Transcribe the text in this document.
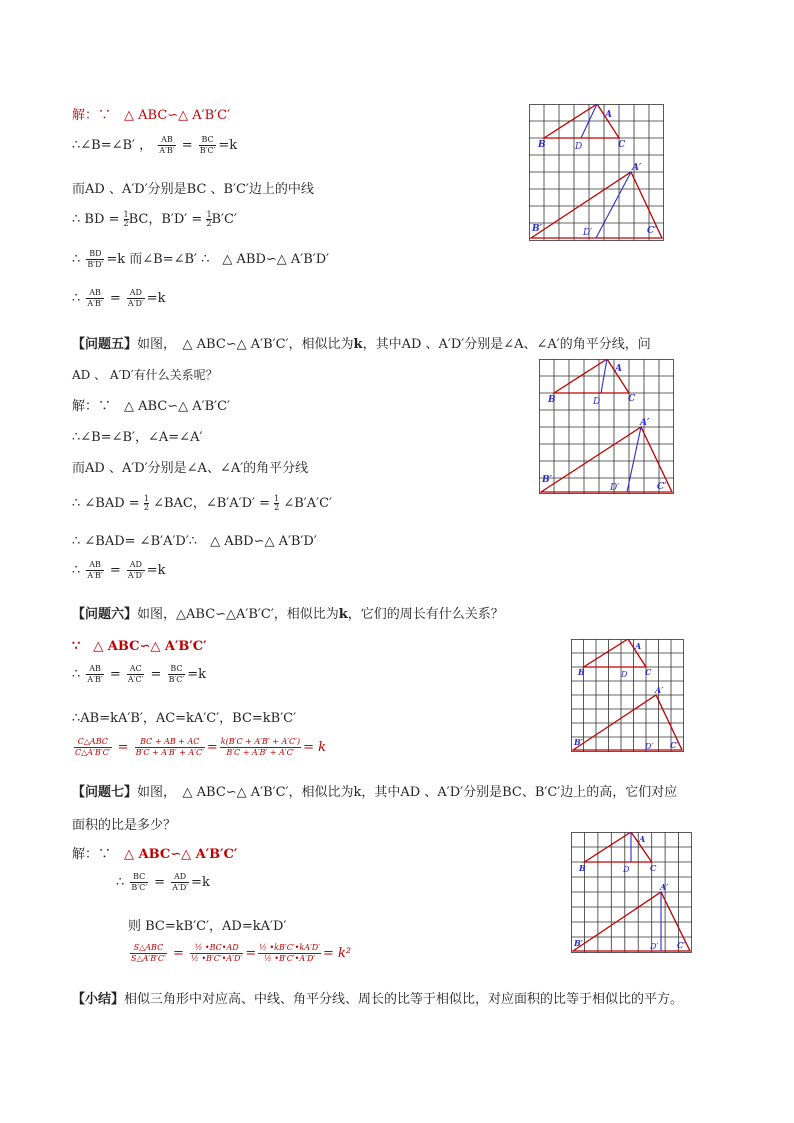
解：∵　△ ABC∽△ A′B′C′
∴∠B=∠B′ ， $\frac{AB}{A'B'} = \frac{BC}{B'C'} =k$
而AD 、A′D′分别是BC 、B′C′边上的中线
∴ BD = $\frac{1}{2}BC$，$B'D' = \frac{1}{2}B'C'$
∴ $\frac{BD}{B'D'} =k$ 而∠B=∠B′ ∴　△ ABD∽△ A′B′D′
∴ $\frac{AB}{A'B'} = \frac{AD}{A'D'} =k$
【问题五】如图，　△ ABC∽△ A′B′C′，相似比为k，其中AD 、A′D′分别是∠A、∠A′的角平分线，问
AD 、 A′D′有什么关系呢？
解：∵　△ ABC∽△ A′B′C′
∴∠B=∠B′，∠A=∠A′
而AD 、A′D′分别是∠A、∠A′的角平分线
∴ ∠BAD = $\frac{1}{2}$ ∠BAC，∠B′A′D′ = $\frac{1}{2}$ ∠B′A′C′
∴ ∠BAD= ∠B′A′D′∴　△ ABD∽△ A′B′D′
∴ $\frac{AB}{A'B'} = \frac{AD}{A'D'} =k$
【问题六】如图，△ABC∽△A′B′C′，相似比为k，它们的周长有什么关系？
∵　△ ABC∽△ A′B′C′
∴ $\frac{AB}{A'B'} = \frac{AC}{A'C'} = \frac{BC}{B'C'} =k$
∴AB=kA′B′，AC=kA′C′，BC=kB′C′
$\frac{\text{C△ABC}}{C\triangle A'B'C'} = \frac{BC + AB + AC}{B'C + A'B' + A'C'} = \frac{k(B'C + A'B' + A'C')}{B'C + A'B' + A'C'} = k$
【问题七】如图，　△ ABC∽△ A′B′C′，相似比为k，其中AD 、A′D′分别是BC、B′C′边上的高，它们对应
面积的比是多少？
解：∵　△ ABC∽△ A′B′C′
∴ $\frac{BC}{B'C'} = \frac{AD}{A'D'} =k$
则 BC=kB′C′，AD=kA′D′
$\frac{\text{S△ABC}}{S\triangle A'B'C'} = \frac{\text{½ •BC•AD}}{\text{½ •B′C′•A′D′}} = \frac{\text{½ •kB′C′•kA′D′}}{\text{½ •B′C′•A′D′}} = k^2$
【小结】相似三角形中对应高、中线、角平分线、周长的比等于相似比，对应面积的比等于相似比的平方。
A
B	C
D
A′
B′	C′
D′
A
B	C
D
A′
B′
C′
D′
A
B	C
D
A′
B′	C′
D′
A
B	C
D
A′
B′	C′
D′
